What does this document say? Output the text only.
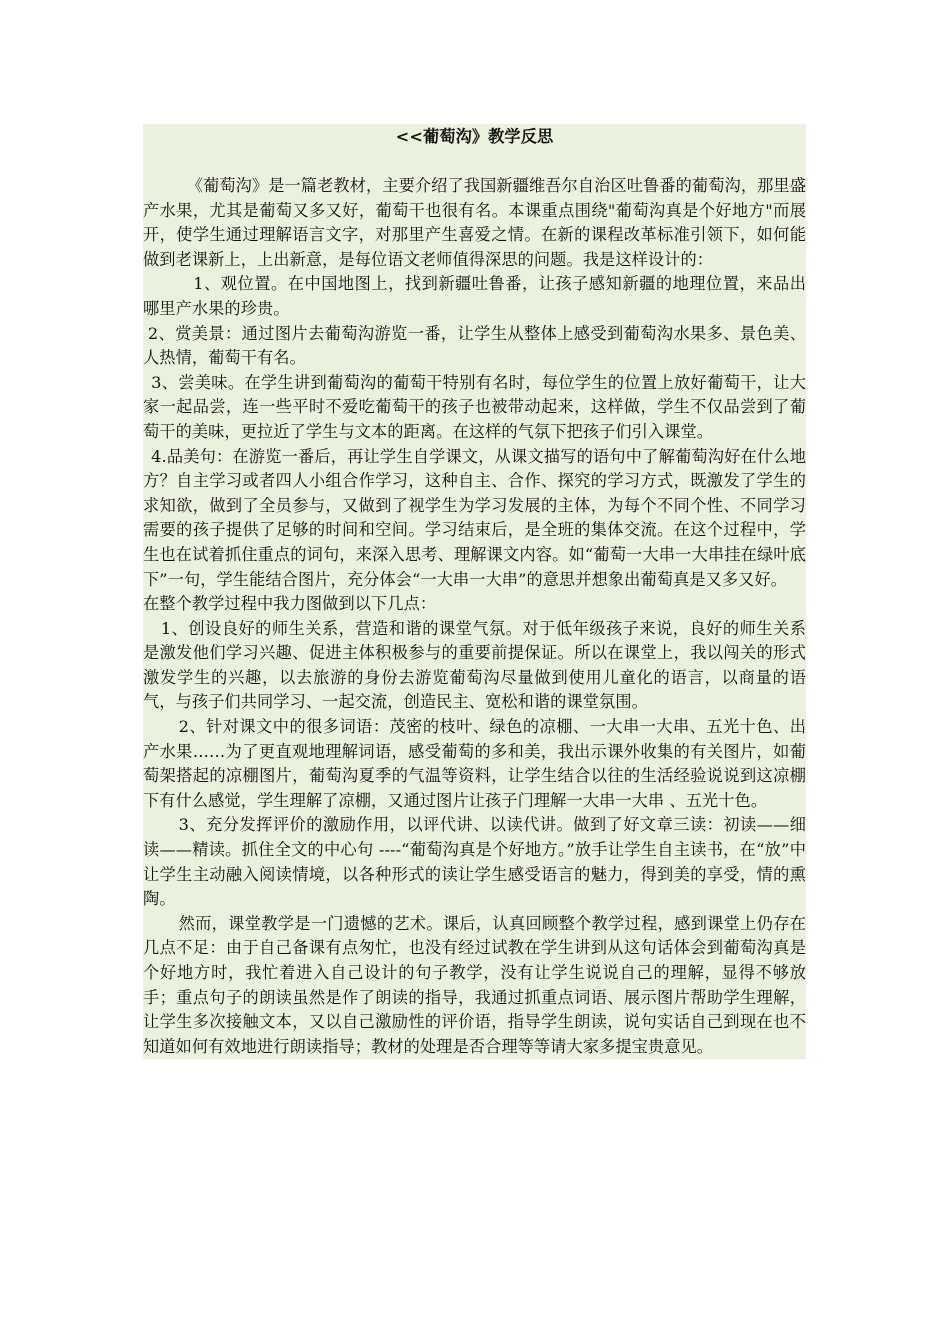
<<葡萄沟》教学反思

《葡萄沟》是一篇老教材，主要介绍了我国新疆维吾尔自治区吐鲁番的葡萄沟，那里盛产水果，尤其是葡萄又多又好，葡萄干也很有名。本课重点围绕"葡萄沟真是个好地方"而展开，使学生通过理解语言文字，对那里产生喜爱之情。在新的课程改革标准引领下，如何能做到老课新上，上出新意，是每位语文老师值得深思的问题。我是这样设计的：

1、观位置。在中国地图上，找到新疆吐鲁番，让孩子感知新疆的地理位置，来品出哪里产水果的珍贵。

2、赏美景：通过图片去葡萄沟游览一番，让学生从整体上感受到葡萄沟水果多、景色美、人热情，葡萄干有名。

3、尝美味。在学生讲到葡萄沟的葡萄干特别有名时，每位学生的位置上放好葡萄干，让大家一起品尝，连一些平时不爱吃葡萄干的孩子也被带动起来，这样做，学生不仅品尝到了葡萄干的美味，更拉近了学生与文本的距离。在这样的气氛下把孩子们引入课堂。

4.品美句：在游览一番后，再让学生自学课文，从课文描写的语句中了解葡萄沟好在什么地方？自主学习或者四人小组合作学习，这种自主、合作、探究的学习方式，既激发了学生的求知欲，做到了全员参与，又做到了视学生为学习发展的主体，为每个不同个性、不同学习需要的孩子提供了足够的时间和空间。学习结束后，是全班的集体交流。在这个过程中，学生也在试着抓住重点的词句，来深入思考、理解课文内容。如“葡萄一大串一大串挂在绿叶底下”一句，学生能结合图片，充分体会“一大串一大串”的意思并想象出葡萄真是又多又好。

在整个教学过程中我力图做到以下几点：

1、创设良好的师生关系，营造和谐的课堂气氛。对于低年级孩子来说，良好的师生关系是激发他们学习兴趣、促进主体积极参与的重要前提保证。所以在课堂上，我以闯关的形式激发学生的兴趣，以去旅游的身份去游览葡萄沟尽量做到使用儿童化的语言，以商量的语气，与孩子们共同学习、一起交流，创造民主、宽松和谐的课堂氛围。

2、针对课文中的很多词语：茂密的枝叶、绿色的凉棚、一大串一大串、五光十色、出产水果……为了更直观地理解词语，感受葡萄的多和美，我出示课外收集的有关图片，如葡萄架搭起的凉棚图片，葡萄沟夏季的气温等资料，让学生结合以往的生活经验说说到这凉棚下有什么感觉，学生理解了凉棚，又通过图片让孩子门理解一大串一大串 、五光十色。

3、充分发挥评价的激励作用，以评代讲、以读代讲。做到了好文章三读：初读——细读——精读。抓住全文的中心句 ----“葡萄沟真是个好地方。”放手让学生自主读书，在“放”中让学生主动融入阅读情境，以各种形式的读让学生感受语言的魅力，得到美的享受，情的熏陶。

然而，课堂教学是一门遗憾的艺术。课后，认真回顾整个教学过程，感到课堂上仍存在几点不足：由于自己备课有点匆忙，也没有经过试教在学生讲到从这句话体会到葡萄沟真是个好地方时，我忙着进入自己设计的句子教学，没有让学生说说自己的理解，显得不够放手；重点句子的朗读虽然是作了朗读的指导，我通过抓重点词语、展示图片帮助学生理解，让学生多次接触文本，又以自己激励性的评价语，指导学生朗读，说句实话自己到现在也不知道如何有效地进行朗读指导；教材的处理是否合理等等请大家多提宝贵意见。
